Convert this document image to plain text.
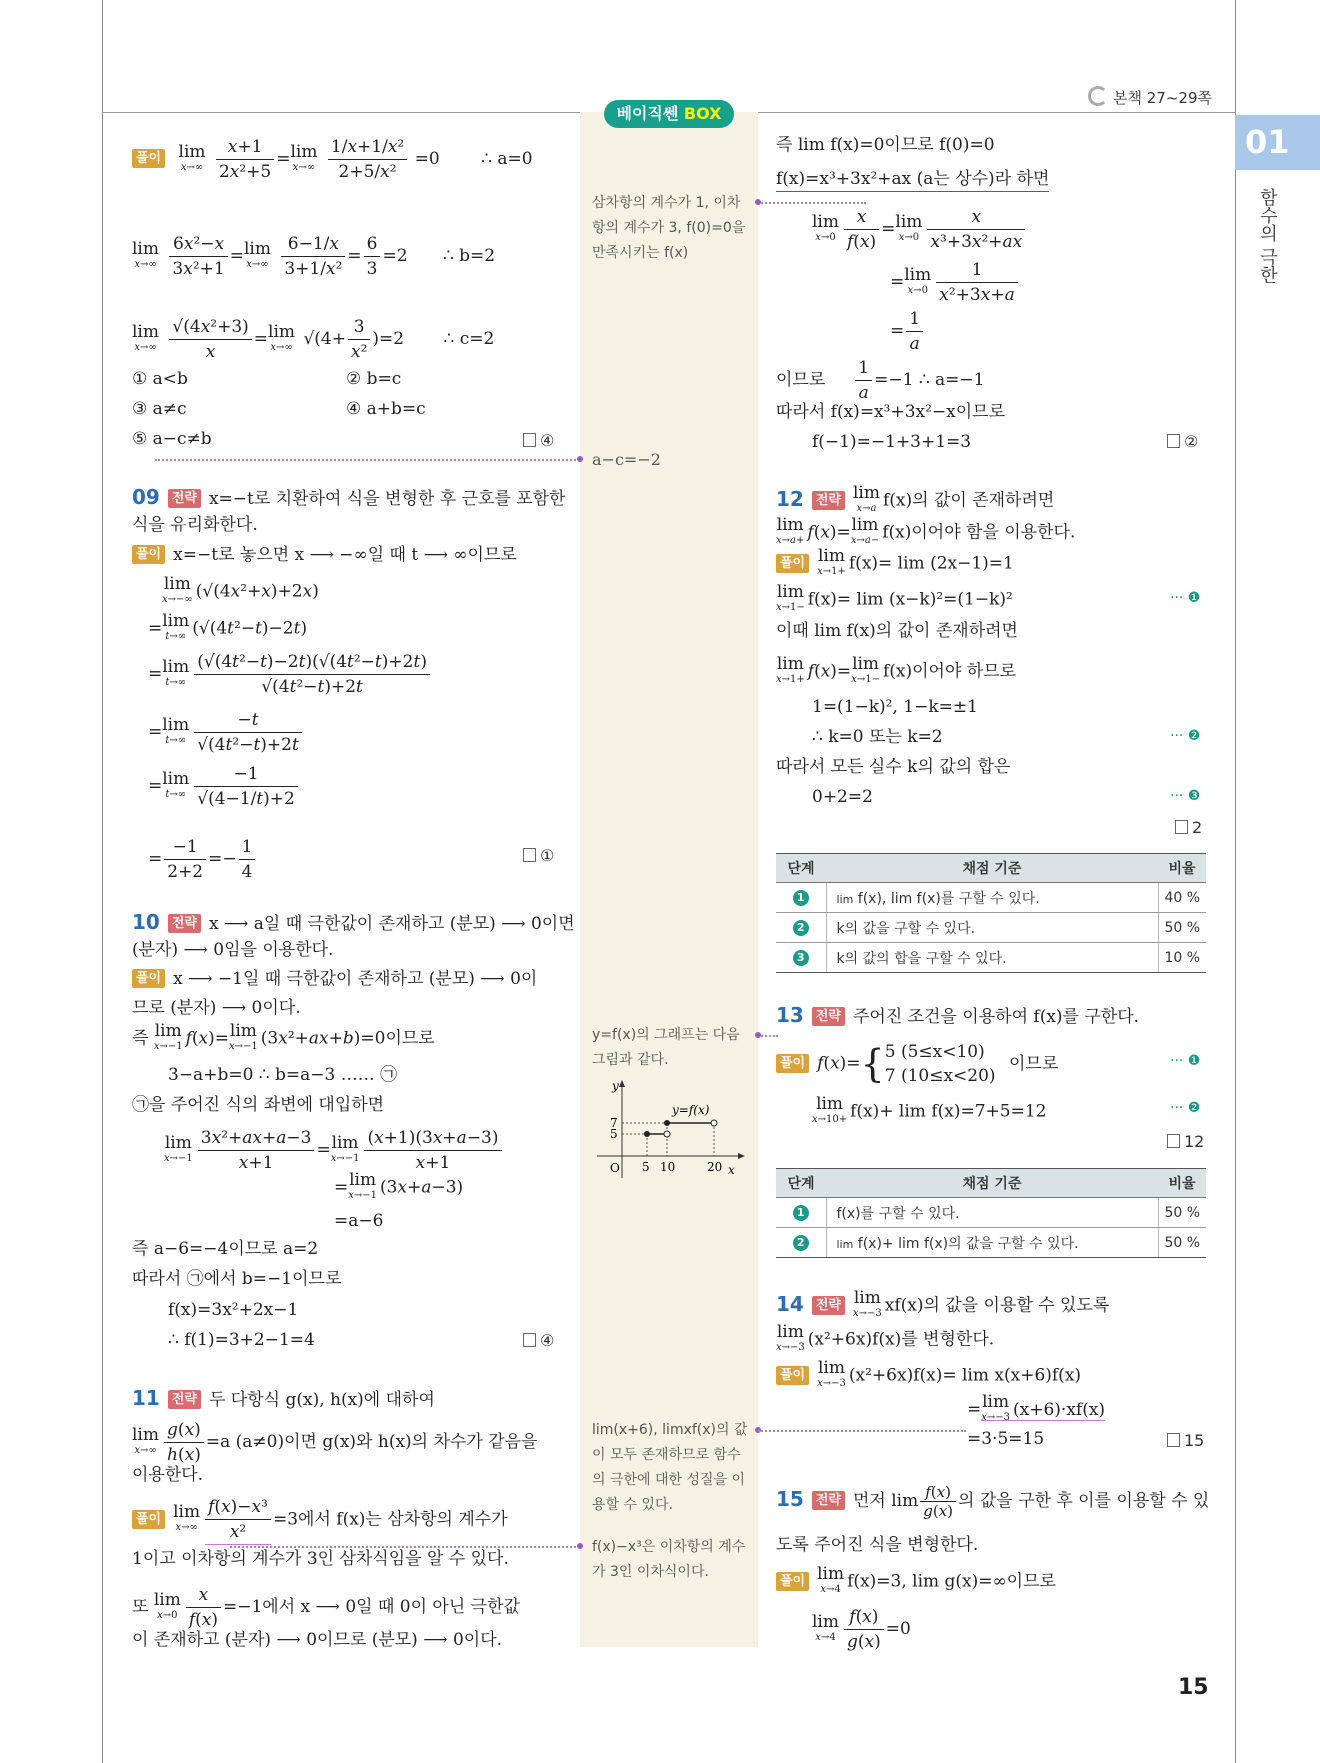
본책 27~29쪽
01
함수의 극한
베이직쎈 BOX
삼차항의 계수가 1, 이차항의 계수가 3, f(0)=0을 만족시키는 f(x)
a−c=−2
y=f(x)의 그래프는 다음 그림과 같다.
lim(x+6), limxf(x)의 값이 모두 존재하므로 함수의 극한에 대한 성질을 이용할 수 있다.
f(x)−x³은 이차항의 계수가 3인 이차식이다.
y
x
O
y=f(x)
7
5
5 10	20
풀이 lim
x→∞
$\frac{x+1}{\text{2x²+5}} = \lim$
x→∞
$\frac{\text{1/x+1/x²}}{\text{2+5/x²}} =0$ ∴ a=0
lim
x→∞
$\frac{\text{6x²−x}}{\text{3x²+1}} = \lim$
x→∞
$\frac{6-1/x}{\text{3+1/x²}} = \frac{6}{3} =2$ ∴ b=2
lim
x→∞
$\frac{\text{√(4x²+3)}}{x} = \lim$
x→∞ $√(4+ \frac{3}{\text{x²}} )=2$ ∴ c=2
① a<b	② b=c
③ a≠c	④ a+b=c
⑤ a−c≠b	④
09 전략 x=−t로 치환하여 식을 변형한 후 근호를 포함한
식을 유리화한다.
풀이 x=−t로 놓으면 x ⟶ −∞일 때 t ⟶ ∞이므로
lim
x→−∞ (√(4x²+x)+2x)
= lim
t→∞ (√(4t²−t)−2t)
= lim
$t\to\infty \frac{\text{(√(4t²−t)−2t)(√(4t²−t)+2t)}}{\text{√(4t²−t)+2t}}$
= lim
$t\to\infty \frac{-t}{\text{√(4t²−t)+2t}}$
= lim
$t\to\infty \frac{-1}{√(4-1/t)+2}$
= $\frac{-1}{2+2} =- \frac{1}{4}$	①
10 전략 x ⟶ a일 때 극한값이 존재하고 (분모) ⟶ 0이면
(분자) ⟶ 0임을 이용한다.
풀이 x ⟶ −1일 때 극한값이 존재하고 (분모) ⟶ 0이
므로 (분자) ⟶ 0이다.
즉 lim
x→−1 f(x)= lim
x→−1 (3x²+ax+b)=0이므로
3−a+b=0 ∴ b=a−3 …… ㉠
㉠을 주어진 식의 좌변에 대입하면
lim
$x\to-1 \frac{\text{3x²+ax+a−3}}{x+1} = \lim$
$x\to-1 \frac{(x+1)(3x+a-3)}{x+1}$
= lim
x→−1 (3x+a−3)
=a−6
즉 a−6=−4이므로 a=2
따라서 ㉠에서 b=−1이므로
f(x)=3x²+2x−1
∴ f(1)=3+2−1=4	④
11 전략 두 다항식 g(x), h(x)에 대하여
lim
$x\to\infty \frac{g(x)}{h(x)} =a$ (a≠0)이면 g(x)와 h(x)의 차수가 같음을
이용한다.
풀이 lim
$x\to\infty \frac{\text{f(x)−x³}}{\text{x²}} =3$에서 f(x)는 삼차항의 계수가
1이고 이차항의 계수가 3인 삼차식임을 알 수 있다.
또 lim
$x\to 0 \frac{x}{f(x)} =-1$에서 x ⟶ 0일 때 0이 아닌 극한값
이 존재하고 (분자) ⟶ 0이므로 (분모) ⟶ 0이다.
즉 lim f(x)=0이므로 f(0)=0
f(x)=x³+3x²+ax (a는 상수)라 하면
lim
$x\to 0 \frac{x}{f(x)} = \lim$
$x\to 0 \frac{x}{\text{x³+3x²+ax}}$
= lim
$x\to 0 \frac{1}{\text{x²+3x+a}}$
= $\frac{1}{a}$
이므로 $\frac{1}{a} =-1$ ∴ a=−1
따라서 f(x)=x³+3x²−x이므로
f(−1)=−1+3+1=3	②
12 전략 lim
x→a f(x)의 값이 존재하려면
lim
x→a+ f(x)= lim
x→a− f(x)이어야 함을 이용한다.
풀이 lim
x→1+ f(x)= lim (2x−1)=1
lim
x→1− f(x)= lim (x−k)²=(1−k)²	··· ❶
이때 lim f(x)의 값이 존재하려면
lim
x→1+ f(x)= lim
x→1− f(x)이어야 하므로
1=(1−k)², 1−k=±1
∴ k=0 또는 k=2	··· ❷
따라서 모든 실수 k의 값의 합은
0+2=2	··· ❸
2
단계	채점 기준	비율
1	lim f(x), lim f(x)를 구할 수 있다.	40 %
2	k의 값을 구할 수 있다.	50 %
3	k의 값의 합을 구할 수 있다.	10 %
13 전략 주어진 조건을 이용하여 f(x)를 구한다.
풀이 f(x)={ 5 (5≤x<10)
7 (10≤x<20)
이므로	··· ❶
lim
x→10+ f(x)+ lim f(x)=7+5=12	··· ❷
12
단계	채점 기준	비율
1	f(x)를 구할 수 있다.	50 %
2	lim f(x)+ lim f(x)의 값을 구할 수 있다.	50 %
14 전략 lim
x→−3 xf(x)의 값을 이용할 수 있도록
lim
x→−3 (x²+6x)f(x)를 변형한다.
풀이 lim
x→−3 (x²+6x)f(x)= lim x(x+6)f(x)
= lim
x→−3 (x+6)·xf(x)
=3·5=15	15
15 전략 먼저 $\lim \frac{f(x)}{g(x)}$ 의 값을 구한 후 이를 이용할 수 있
도록 주어진 식을 변형한다.
풀이 lim
x→4 f(x)=3, lim g(x)=∞이므로
lim
$x\to 4 \frac{f(x)}{g(x)} =0$
15
